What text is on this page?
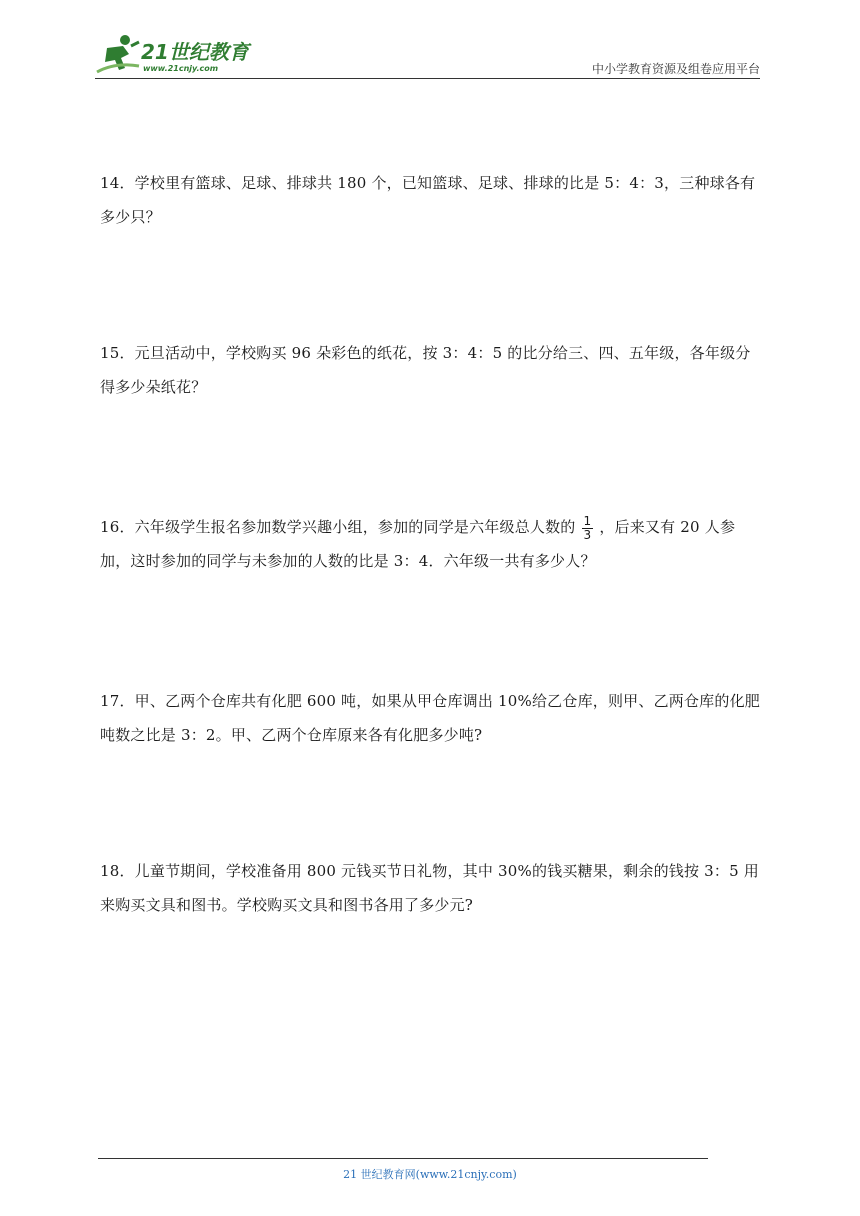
21世纪教育
www.21cnjy.com	中小学教育资源及组卷应用平台
14．学校里有篮球、足球、排球共 180 个，已知篮球、足球、排球的比是 5：4：3，三种球各有多少只？
15．元旦活动中，学校购买 96 朵彩色的纸花，按 3：4：5 的比分给三、四、五年级，各年级分得多少朵纸花？
16．六年级学生报名参加数学兴趣小组，参加的同学是六年级总人数的 $\frac{1}{3}$ ，后来又有 20 人参加，这时参加的同学与未参加的人数的比是 3：4．六年级一共有多少人？
17．甲、乙两个仓库共有化肥 600 吨，如果从甲仓库调出 10%给乙仓库，则甲、乙两仓库的化肥吨数之比是 3：2。甲、乙两个仓库原来各有化肥多少吨?
18．儿童节期间，学校准备用 800 元钱买节日礼物，其中 30%的钱买糖果，剩余的钱按 3：5 用来购买文具和图书。学校购买文具和图书各用了多少元?
21 世纪教育网(www.21cnjy.com)
